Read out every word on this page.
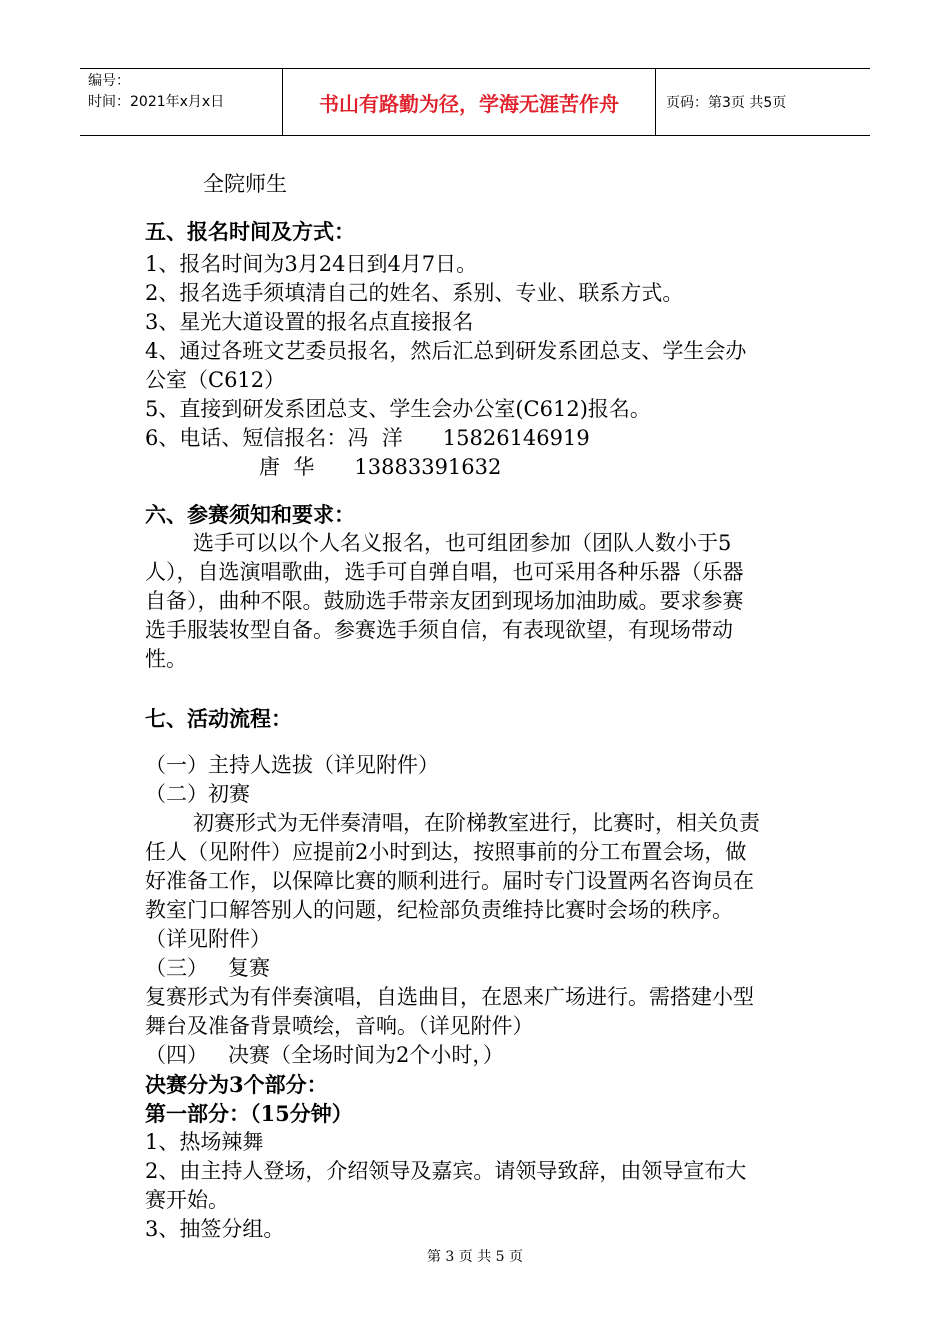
编号：
时间：2021年x月x日	书山有路勤为径，学海无涯苦作舟	页码：第3页 共5页

全院师生

五、报名时间及方式：

1、报名时间为3月24日到4月7日。

2、报名选手须填清自己的姓名、系别、专业、联系方式。

3、星光大道设置的报名点直接报名

4、通过各班文艺委员报名，然后汇总到研发系团总支、学生会办公室（C612）

5、直接到研发系团总支、学生会办公室(C612)报名。

6、电话、短信报名：冯  洋      15826146919

唐  华      13883391632

六、参赛须知和要求：

选手可以以个人名义报名，也可组团参加（团队人数小于5人），自选演唱歌曲，选手可自弹自唱，也可采用各种乐器（乐器自备），曲种不限。鼓励选手带亲友团到现场加油助威。要求参赛选手服装妆型自备。参赛选手须自信，有表现欲望，有现场带动性。

七、活动流程：

（一）主持人选拔（详见附件）

（二）初赛

初赛形式为无伴奏清唱，在阶梯教室进行，比赛时，相关负责任人（见附件）应提前2小时到达，按照事前的分工布置会场，做好准备工作，以保障比赛的顺利进行。届时专门设置两名咨询员在教室门口解答别人的问题，纪检部负责维持比赛时会场的秩序。（详见附件）

（三）   复赛

复赛形式为有伴奏演唱，自选曲目，在恩来广场进行。需搭建小型舞台及准备背景喷绘，音响。（详见附件）

（四）   决赛（全场时间为2个小时，）

决赛分为3个部分：

第一部分：（15分钟）

1、热场辣舞

2、由主持人登场，介绍领导及嘉宾。请领导致辞，由领导宣布大赛开始。

3、抽签分组。

第 3 页 共 5 页
